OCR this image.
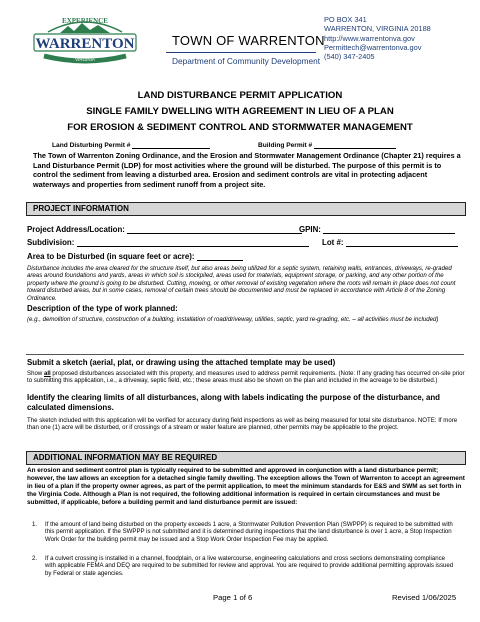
EXPERIENCE
WARRENTON
VIRGINIA
TOWN OF WARRENTON
Department of Community Development
PO BOX 341
WARRENTON, VIRGINIA 20188
http://www.warrentonva.gov
Permittech@warrentonva.gov
(540) 347-2405
LAND DISTURBANCE PERMIT APPLICATION
SINGLE FAMILY DWELLING WITH AGREEMENT IN LIEU OF A PLAN
FOR EROSION & SEDIMENT CONTROL AND STORMWATER MANAGEMENT
Land Disturbing Permit #	Building Permit #
The Town of Warrenton Zoning Ordinance, and the Erosion and Stormwater Management Ordinance (Chapter 21) requires a Land Disturbance Permit (LDP) for most activities where the ground will be disturbed. The purpose of this permit is to control the sediment from leaving a disturbed area. Erosion and sediment controls are vital in protecting adjacent waterways and properties from sediment runoff from a project site.
PROJECT INFORMATION
Project Address/Location:	GPIN:
Subdivision:	Lot #:
Area to be Disturbed (in square feet or acre):
Disturbance includes the area cleared for the structure itself, but also areas being utilized for a septic system, retaining walls, entrances, driveways, re-graded areas around foundations and yards, areas in which soil is stockpiled, areas used for materials, equipment storage, or parking, and any other portion of the property where the ground is going to be disturbed. Cutting, mowing, or other removal of existing vegetation where the roots will remain in place does not count toward disturbed areas, but in some cases, removal of certain trees should be documented and must be replaced in accordance with Article 8 of the Zoning Ordinance.
Description of the type of work planned:
(e.g., demolition of structure, construction of a building, installation of road/driveway, utilities, septic, yard re-grading, etc. – all activities must be included)
Submit a sketch (aerial, plat, or drawing using the attached template may be used)
Show all proposed disturbances associated with this property, and measures used to address permit requirements. (Note: If any grading has occurred on-site prior to submitting this application, i.e., a driveway, septic field, etc.; these areas must also be shown on the plan and included in the acreage to be disturbed.)
Identify the clearing limits of all disturbances, along with labels indicating the purpose of the disturbance, and calculated dimensions.
The sketch included with this application will be verified for accuracy during field inspections as well as being measured for total site disturbance. NOTE: If more than one (1) acre will be disturbed, or if crossings of a stream or water feature are planned, other permits may be applicable to the project.
ADDITIONAL INFORMATION MAY BE REQUIRED
An erosion and sediment control plan is typically required to be submitted and approved in conjunction with a land disturbance permit; however, the law allows an exception for a detached single family dwelling. The exception allows the Town of Warrenton to accept an agreement in lieu of a plan if the property owner agrees, as part of the permit application, to meet the minimum standards for E&S and SWM as set forth in the Virginia Code. Although a Plan is not required, the following additional information is required in certain circumstances and must be submitted, if applicable, before a building permit and land disturbance permit are issued:
1. If the amount of land being disturbed on the property exceeds 1 acre, a Stormwater Pollution Prevention Plan (SWPPP) is required to be submitted with this permit application. If the SWPPP is not submitted and it is determined during inspections that the land disturbance is over 1 acre, a Stop Inspection Work Order for the building permit may be issued and a Stop Work Order Inspection Fee may be applied.
2. If a culvert crossing is installed in a channel, floodplain, or a live watercourse, engineering calculations and cross sections demonstrating compliance with applicable FEMA and DEQ are required to be submitted for review and approval. You are required to provide additional permitting approvals issued by Federal or state agencies.
Page 1 of 6	Revised 1/06/2025
